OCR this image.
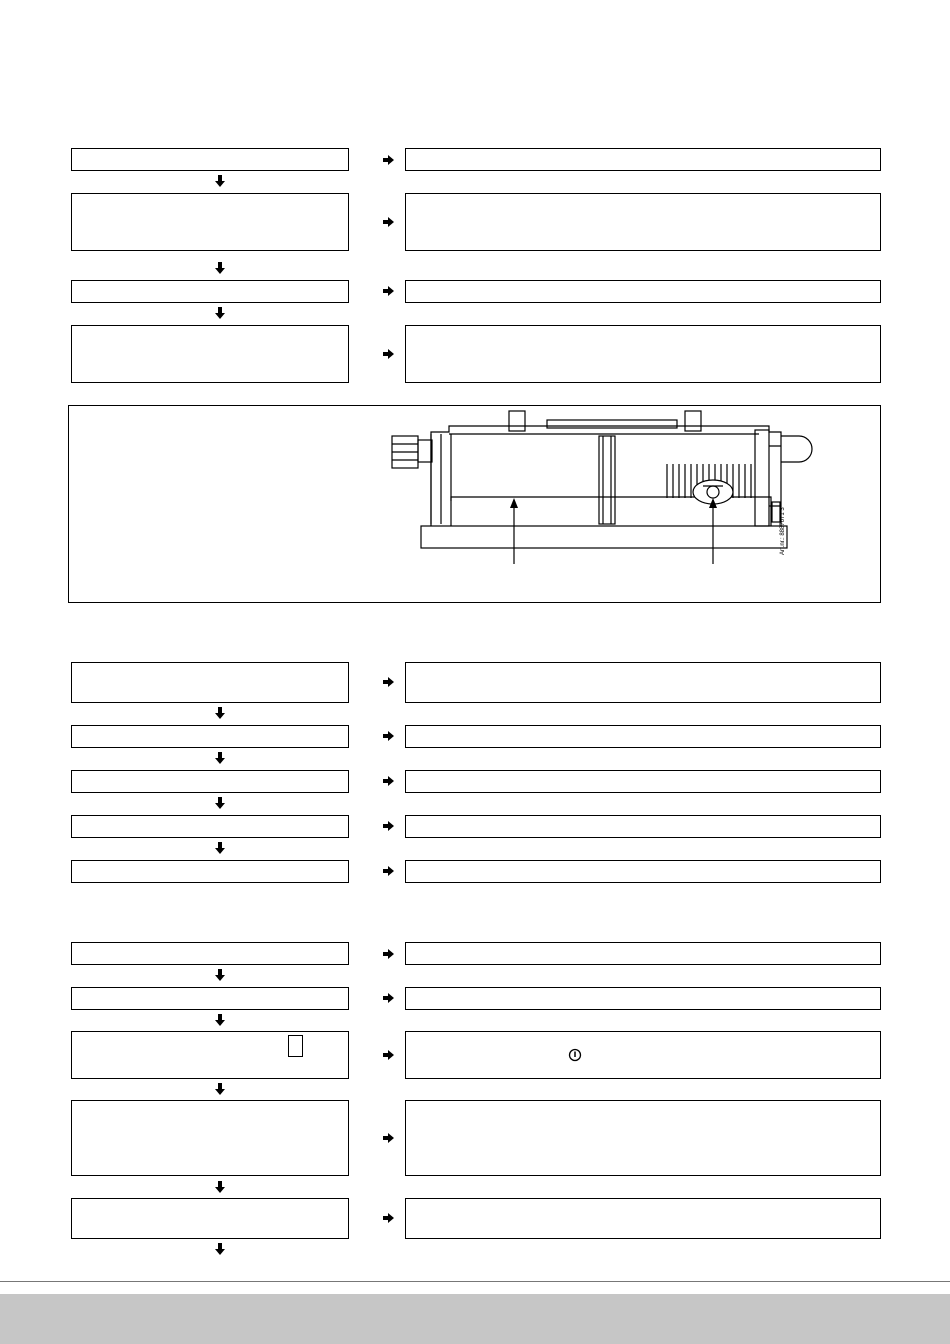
Art.nr.: 8887671 3
